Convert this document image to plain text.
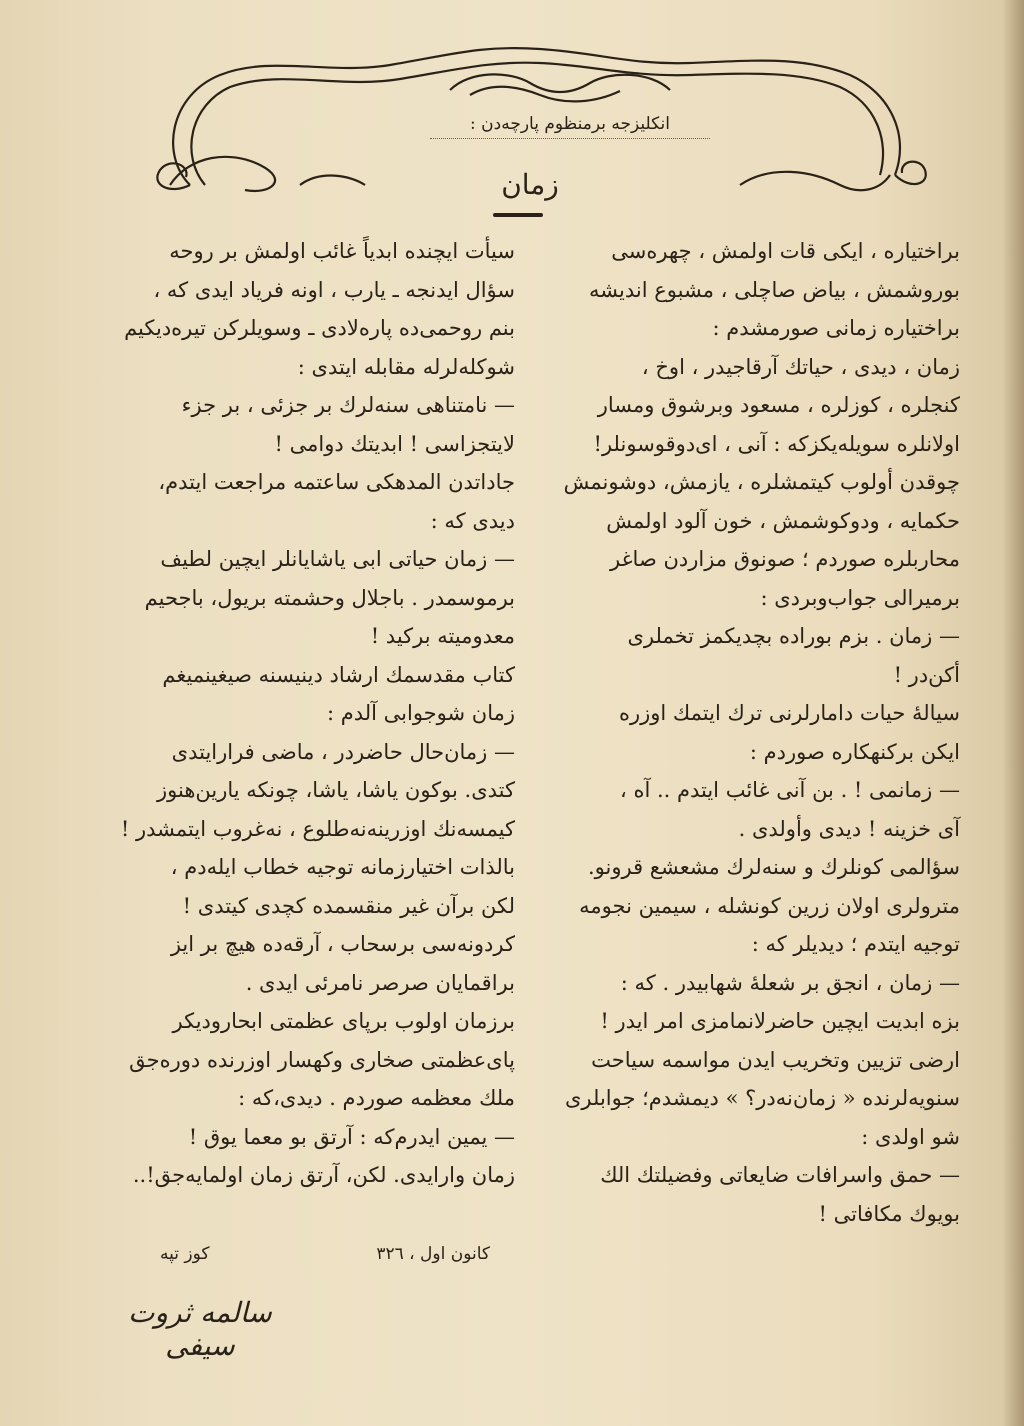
انكليزجه برمنظوم پارچه‌دن :
زمان

براختیاره ، ایکی قات اولمش ، چهره‌سی

بوروشمش ، بیاض صاچلی ، مشبوع اندیشه

براختیاره زمانی صورمشدم :

زمان ، دیدی ، حیاتك آرقاجیدر ، اوخ ،

كنجلره ، كوزلره ، مسعود وبرشوق ومسار

اولانلره سویله‌یکزکه : آنی ، ای‌دوقوسونلر!

چوقدن أولوب كیتمشلره ، یازمش، دوشونمش

حكمایه ، ودوكوشمش ، خون آلود اولمش

محاربلره صوردم ؛ صونوق مزاردن صاغر

برمیرالی جواب‌وبردی :

— زمان . بزم بوراده بچدیکمز تخملری

أكن‌در !

سیاله‌ٔ حیات دامارلرنی ترك ایتمك اوزره

ایكن بركنهكاره صوردم :

— زمانمی ! . بن آنی غائب ایتدم .. آه ،

آی خزینه ! دیدی وأولدی .

سؤالمی كونلرك و سنه‌لرك مشعشع قرونو.

مترولری اولان زرین كونشله ، سیمین نجومه

توجیه ایتدم ؛ دیدیلر كه :

— زمان ، انجق بر شعله‌ٔ شهابیدر . كه :

بزه ابدیت ایچین حاضرلانمامزی امر ایدر !

ارضی تزیین وتخریب ایدن مواسمه سیاحت

سنویه‌لرنده « زمان‌نه‌در؟ » دیمشدم؛ جوابلری

شو اولدی :

— حمق واسرافات ضایعاتی وفضیلتك الك

بویوك مكافاتی !

سیأت ایچنده ابدیاً غائب اولمش بر روحه

سؤال ایدنجه ـ یارب ، اونه فریاد ایدی كه ،

بنم روحمی‌ده پاره‌لادی ـ وسویلركن تیره‌دیكیم

شوكله‌لرله مقابله ایتدی :

— نامتناهی سنه‌لرك بر جزئی ، بر جزء

لایتجزاسی ! ابدیتك دوامی !

جاداتدن المدهكی ساعتمه مراجعت ایتدم،

دیدی كه :

— زمان حیاتی ابی یاشایانلر ایچین لطیف

برموسمدر . باجلال وحشمته بریول، باجحیم

معدومیته برکید !

كتاب مقدسمك ارشاد دینیسنه صیغینمیغم

زمان شوجوابی آلدم :

— زمان‌حال حاضردر ، ماضی فرارایتدی

كتدی. بوكون یاشا، یاشا، چونكه یارین‌هنوز

كیمسه‌نك اوزرینه‌نه‌طلوع ، نه‌غروب ایتمشدر !

بالذات اختیارزمانه توجیه خطاب ایله‌دم ،

لكن برآن غیر منقسمده كچدی كیتدی !

كردونه‌سی برسحاب ، آرقه‌ده هیچ بر ایز

براقمایان صرصر نامرئی ایدی .

برزمان اولوب برپای عظمتی ابحاروديكر

پای‌عظمتی صخاری وكهسار اوزرنده دوره‌جق

ملك معظمه صوردم . دیدی،كه :

— یمین ایدرم‌كه : آرتق بو معما یوق !

زمان وارایدی. لكن، آرتق زمان اولمایه‌جق!..

كانون اول ، ٣٢٦
كوز تپه
سالمه ثروت سیفی
